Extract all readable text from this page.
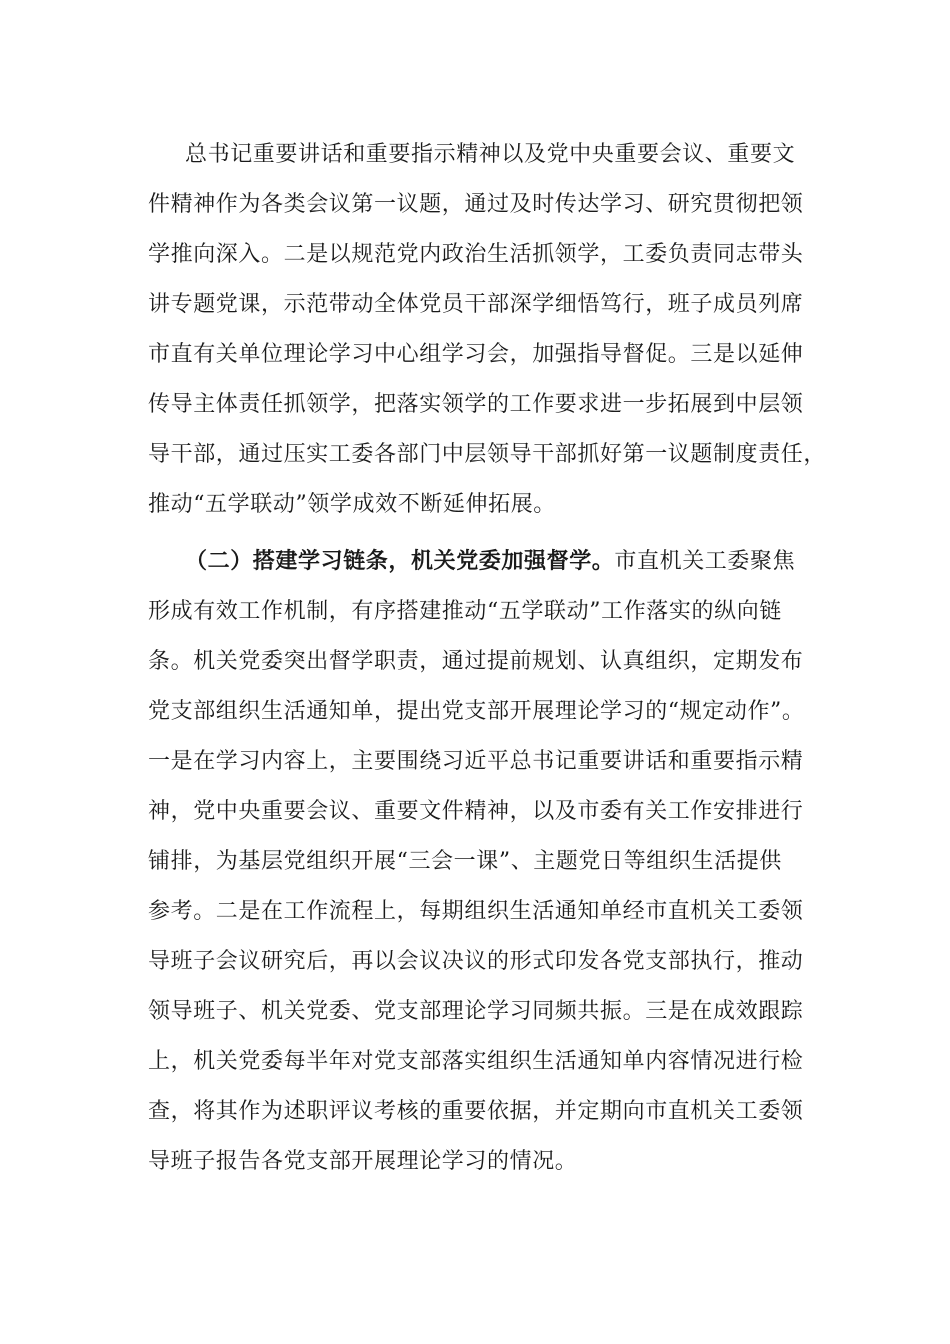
总书记重要讲话和重要指示精神以及党中央重要会议、重要文
件精神作为各类会议第一议题，通过及时传达学习、研究贯彻把领
学推向深入。二是以规范党内政治生活抓领学，工委负责同志带头
讲专题党课，示范带动全体党员干部深学细悟笃行，班子成员列席
市直有关单位理论学习中心组学习会，加强指导督促。三是以延伸
传导主体责任抓领学，把落实领学的工作要求进一步拓展到中层领
导干部，通过压实工委各部门中层领导干部抓好第一议题制度责任，
推动“五学联动”领学成效不断延伸拓展。
（二）搭建学习链条，机关党委加强督学。市直机关工委聚焦
形成有效工作机制，有序搭建推动“五学联动”工作落实的纵向链
条。机关党委突出督学职责，通过提前规划、认真组织，定期发布
党支部组织生活通知单，提出党支部开展理论学习的“规定动作”。
一是在学习内容上，主要围绕习近平总书记重要讲话和重要指示精
神，党中央重要会议、重要文件精神，以及市委有关工作安排进行
铺排，为基层党组织开展“三会一课”、主题党日等组织生活提供
参考。二是在工作流程上，每期组织生活通知单经市直机关工委领
导班子会议研究后，再以会议决议的形式印发各党支部执行，推动
领导班子、机关党委、党支部理论学习同频共振。三是在成效跟踪
上，机关党委每半年对党支部落实组织生活通知单内容情况进行检
查，将其作为述职评议考核的重要依据，并定期向市直机关工委领
导班子报告各党支部开展理论学习的情况。
